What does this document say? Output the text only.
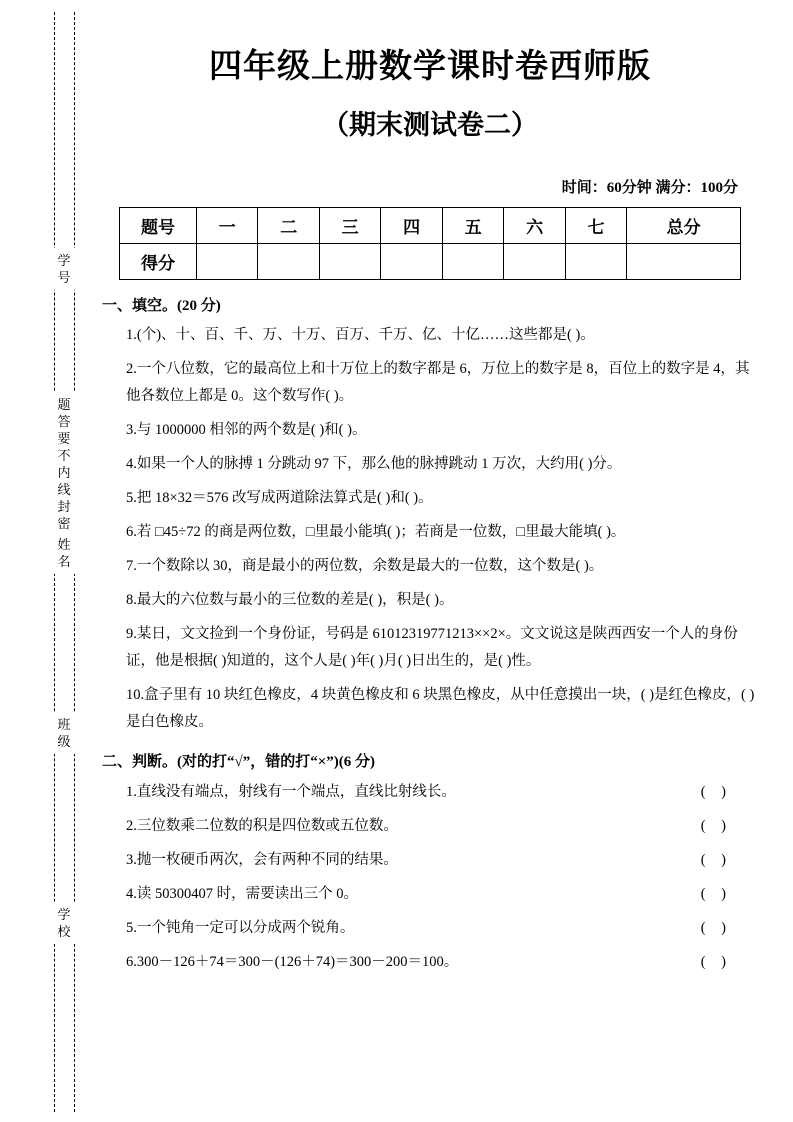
学号
题
答
要
不
内
线
封
密
姓名
班级
学校
四年级上册数学课时卷西师版
（期末测试卷二）
时间：60分钟 满分：100分
题号	一	二	三	四	五	六	七	总分
得分								
一、填空。(20 分)
1.(个)、十、百、千、万、十万、百万、千万、亿、十亿……这些都是( )。
2.一个八位数，它的最高位上和十万位上的数字都是 6，万位上的数字是 8，百位上的数字是 4，其他各数位上都是 0。这个数写作( )。
3.与 1000000 相邻的两个数是( )和( )。
4.如果一个人的脉搏 1 分跳动 97 下，那么他的脉搏跳动 1 万次，大约用( )分。
5.把 18×32＝576 改写成两道除法算式是( )和( )。
6.若 □45÷72 的商是两位数，□里最小能填( )；若商是一位数，□里最大能填( )。
7.一个数除以 30，商是最小的两位数，余数是最大的一位数，这个数是( )。
8.最大的六位数与最小的三位数的差是( )，积是( )。
9.某日，文文捡到一个身份证，号码是 61012319771213××2×。文文说这是陕西西安一个人的身份证，他是根据( )知道的，这个人是( )年( )月( )日出生的，是( )性。
10.盒子里有 10 块红色橡皮，4 块黄色橡皮和 6 块黑色橡皮，从中任意摸出一块，( )是红色橡皮，( )是白色橡皮。
二、判断。(对的打“√”，错的打“×”)(6 分)
1.直线没有端点，射线有一个端点，直线比射线长。	( )
2.三位数乘二位数的积是四位数或五位数。	( )
3.抛一枚硬币两次，会有两种不同的结果。	( )
4.读 50300407 时，需要读出三个 0。	( )
5.一个钝角一定可以分成两个锐角。	( )
6.300－126＋74＝300－(126＋74)＝300－200＝100。	( )
